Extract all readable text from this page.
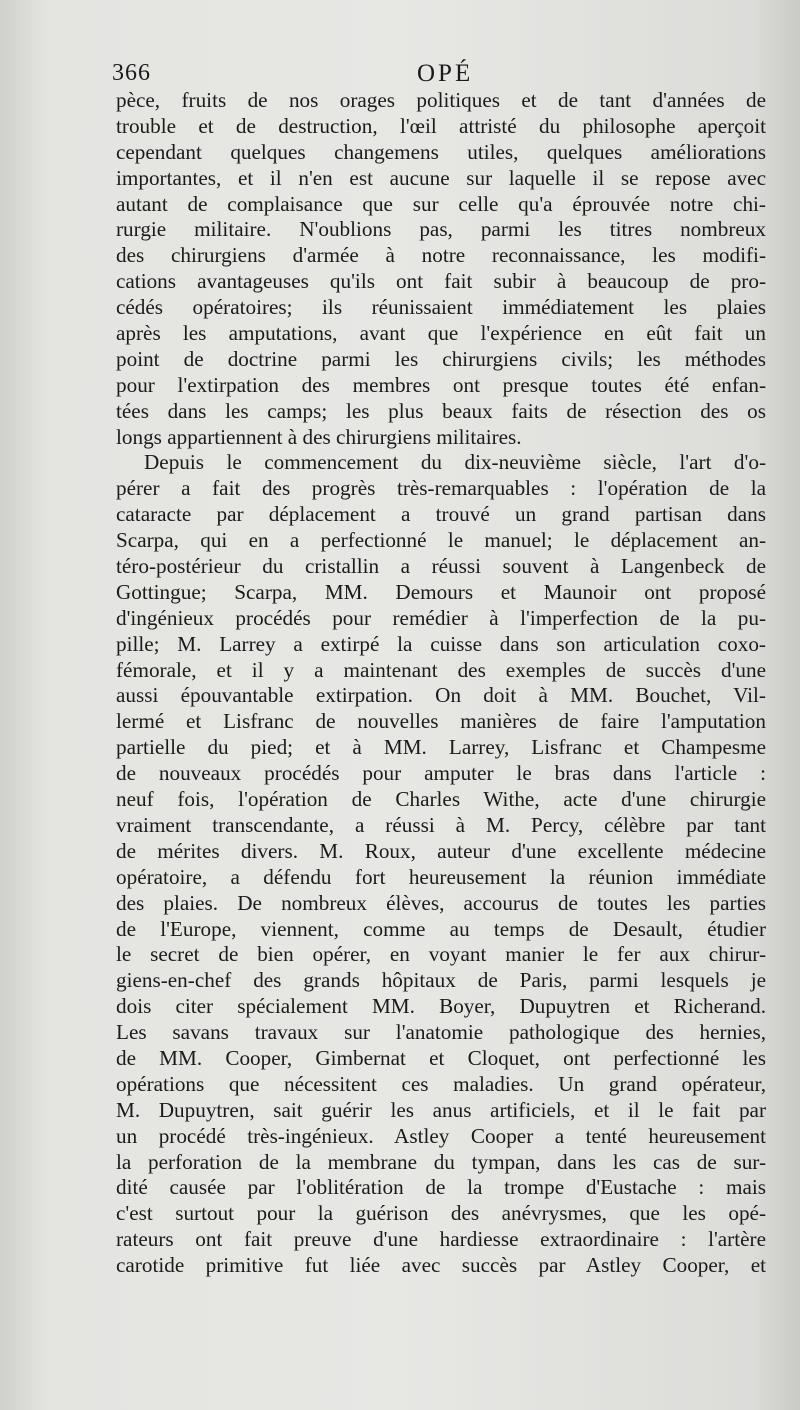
366	OPÉ
pèce, fruits de nos orages politiques et de tant d'années de
trouble et de destruction, l'œil attristé du philosophe aperçoit
cependant quelques changemens utiles, quelques améliorations
importantes, et il n'en est aucune sur laquelle il se repose avec
autant de complaisance que sur celle qu'a éprouvée notre chi-
rurgie militaire. N'oublions pas, parmi les titres nombreux
des chirurgiens d'armée à notre reconnaissance, les modifi-
cations avantageuses qu'ils ont fait subir à beaucoup de pro-
cédés opératoires; ils réunissaient immédiatement les plaies
après les amputations, avant que l'expérience en eût fait un
point de doctrine parmi les chirurgiens civils; les méthodes
pour l'extirpation des membres ont presque toutes été enfan-
tées dans les camps; les plus beaux faits de résection des os
longs appartiennent à des chirurgiens militaires.
Depuis le commencement du dix-neuvième siècle, l'art d'o-
pérer a fait des progrès très-remarquables : l'opération de la
cataracte par déplacement a trouvé un grand partisan dans
Scarpa, qui en a perfectionné le manuel; le déplacement an-
téro-postérieur du cristallin a réussi souvent à Langenbeck de
Gottingue; Scarpa, MM. Demours et Maunoir ont proposé
d'ingénieux procédés pour remédier à l'imperfection de la pu-
pille; M. Larrey a extirpé la cuisse dans son articulation coxo-
fémorale, et il y a maintenant des exemples de succès d'une
aussi épouvantable extirpation. On doit à MM. Bouchet, Vil-
lermé et Lisfranc de nouvelles manières de faire l'amputation
partielle du pied; et à MM. Larrey, Lisfranc et Champesme
de nouveaux procédés pour amputer le bras dans l'article :
neuf fois, l'opération de Charles Withe, acte d'une chirurgie
vraiment transcendante, a réussi à M. Percy, célèbre par tant
de mérites divers. M. Roux, auteur d'une excellente médecine
opératoire, a défendu fort heureusement la réunion immédiate
des plaies. De nombreux élèves, accourus de toutes les parties
de l'Europe, viennent, comme au temps de Desault, étudier
le secret de bien opérer, en voyant manier le fer aux chirur-
giens-en-chef des grands hôpitaux de Paris, parmi lesquels je
dois citer spécialement MM. Boyer, Dupuytren et Richerand.
Les savans travaux sur l'anatomie pathologique des hernies,
de MM. Cooper, Gimbernat et Cloquet, ont perfectionné les
opérations que nécessitent ces maladies. Un grand opérateur,
M. Dupuytren, sait guérir les anus artificiels, et il le fait par
un procédé très-ingénieux. Astley Cooper a tenté heureusement
la perforation de la membrane du tympan, dans les cas de sur-
dité causée par l'oblitération de la trompe d'Eustache : mais
c'est surtout pour la guérison des anévrysmes, que les opé-
rateurs ont fait preuve d'une hardiesse extraordinaire : l'artère
carotide primitive fut liée avec succès par Astley Cooper, et
